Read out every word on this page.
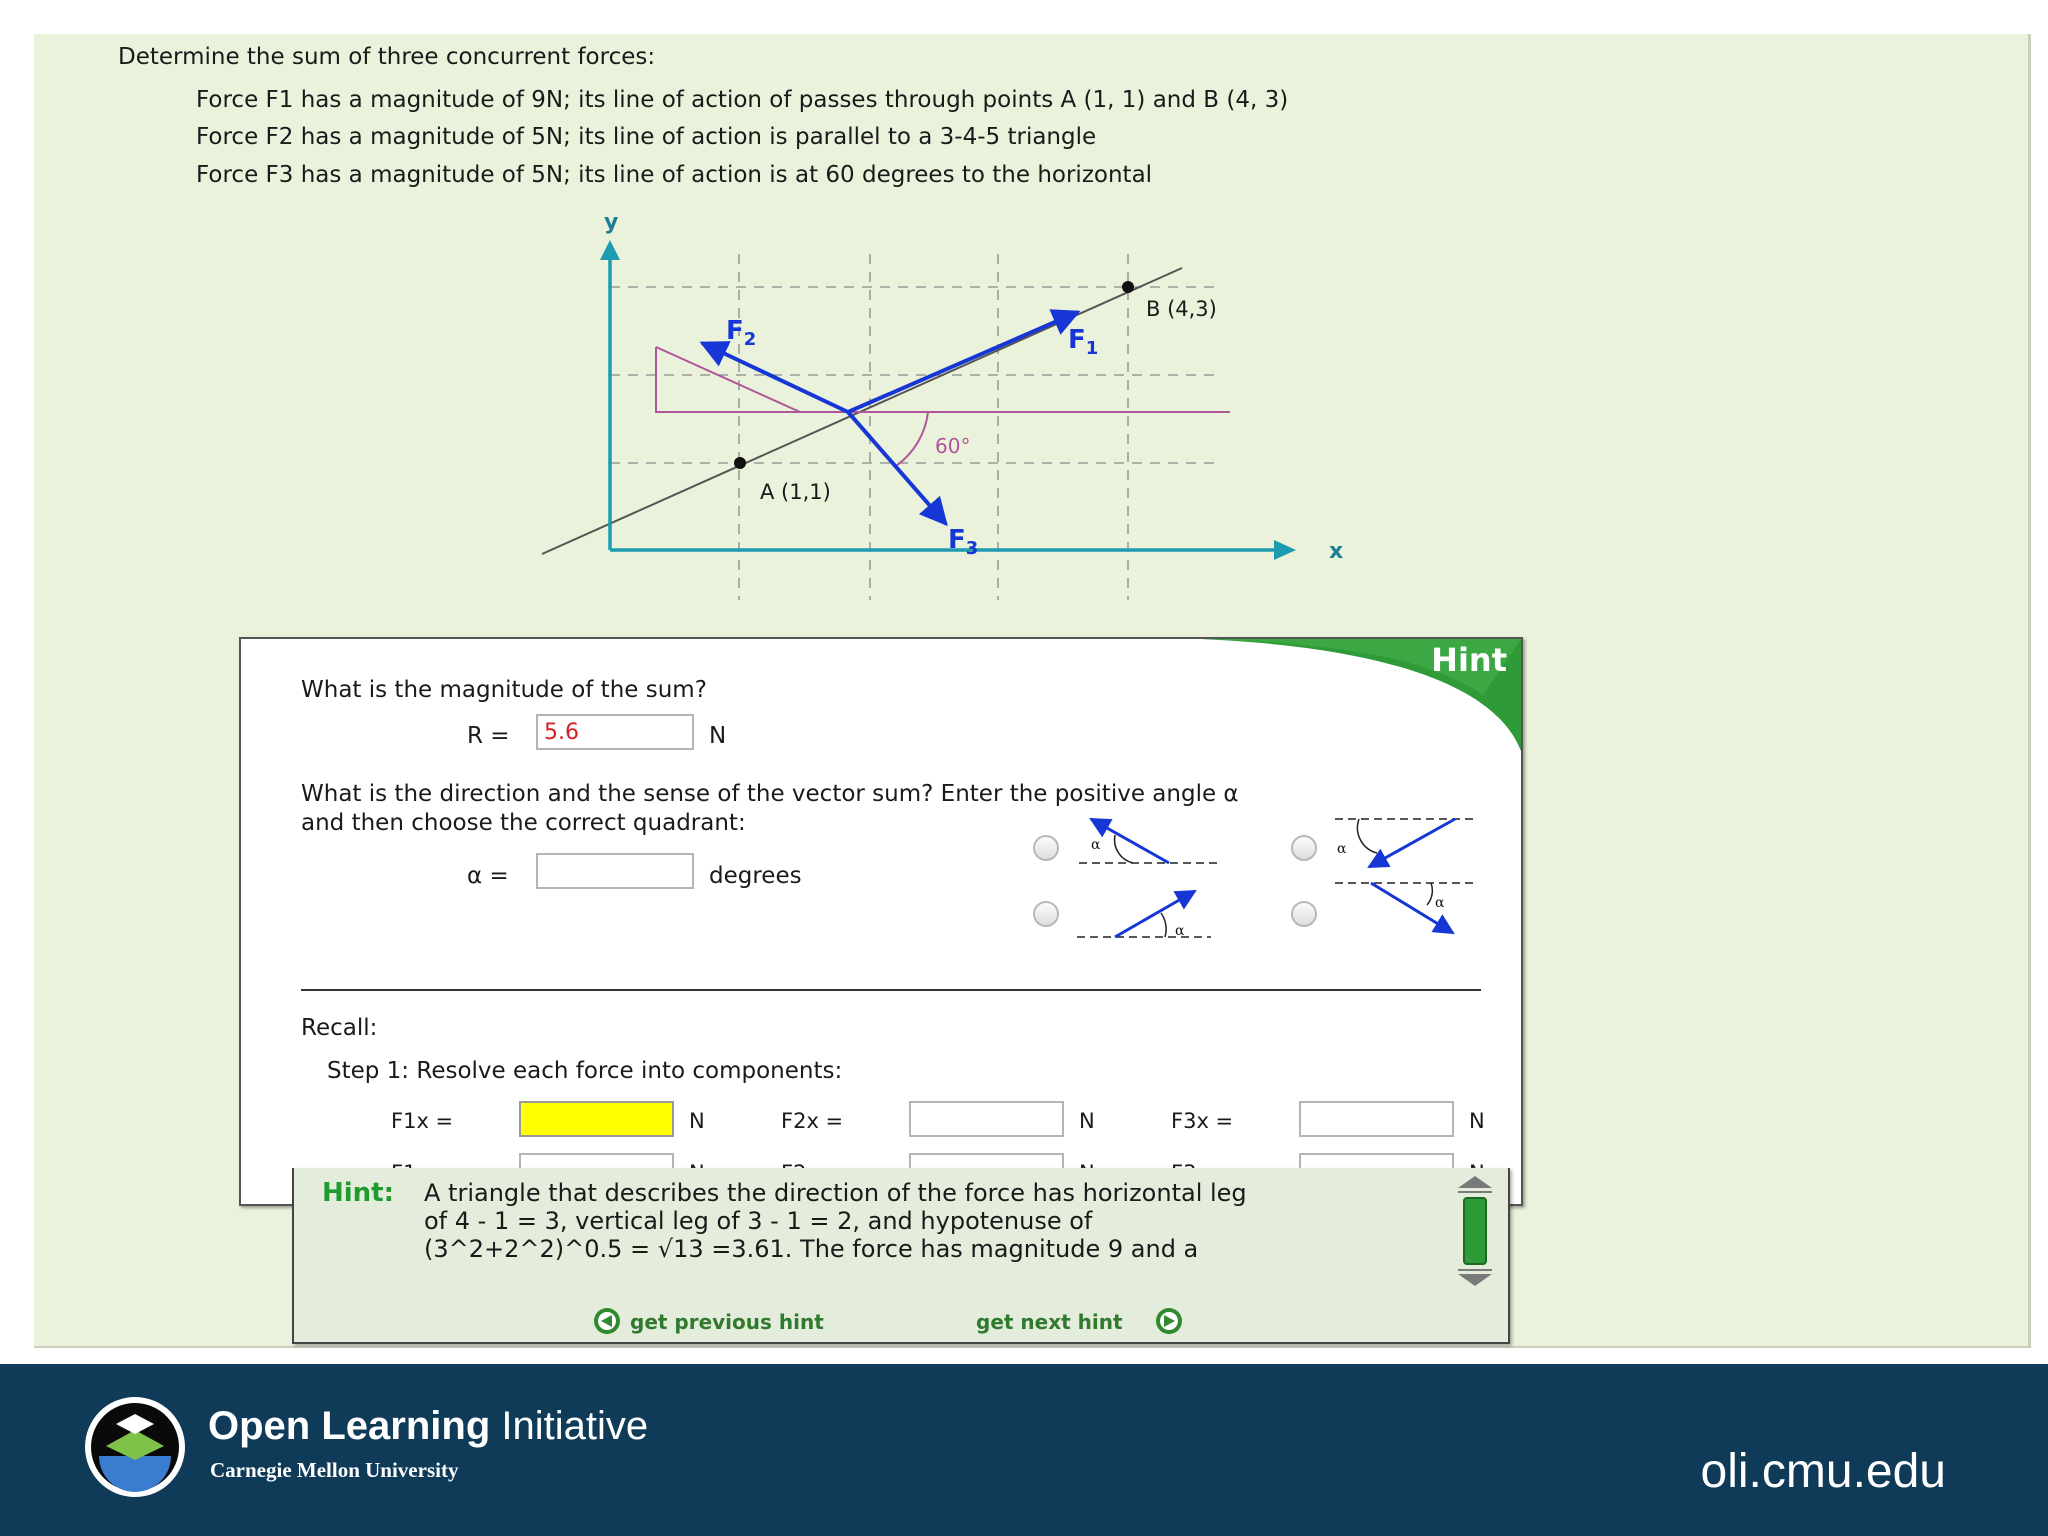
Determine the sum of three concurrent forces:
Force F1 has a magnitude of 9N; its line of action of passes through points A (1, 1) and B (4, 3)
Force F2 has a magnitude of 5N; its line of action is parallel to a 3-4-5 triangle
Force F3 has a magnitude of 5N; its line of action is at 60 degrees to the horizontal
60°
y
x
A (1,1)
B (4,3)
$F_1$
$F_2$
$F_3$
Hint
What is the magnitude of the sum?
R =	5.6	N
What is the direction and the sense of the vector sum? Enter the positive angle α
and then choose the correct quadrant:
α =	degrees
α	α
α
α
Recall:
Step 1: Resolve each force into components:
F1x =	N	F2x =	N	F3x =	N
Hint: A triangle that describes the direction of the force has horizontal leg
of 4 - 1 = 3, vertical leg of 3 - 1 = 2, and hypotenuse of
(3^2+2^2)^0.5 = √13 =3.61. The force has magnitude 9 and a
get previous hint	get next hint
Open Learning Initiative
Carnegie Mellon University	oli.cmu.edu
